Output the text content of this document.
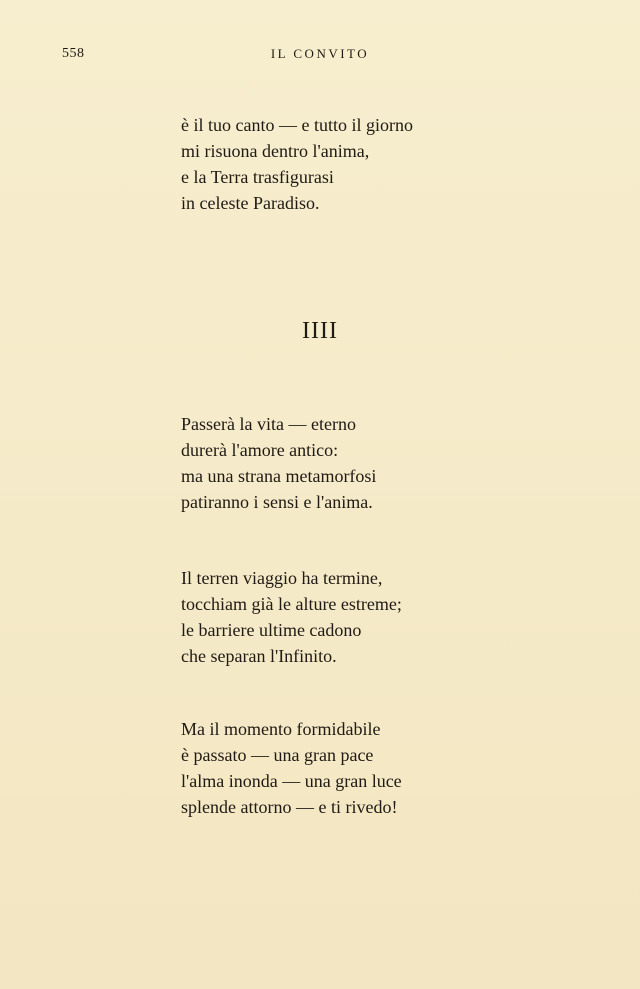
558	IL CONVITO
è il tuo canto — e tutto il giorno
mi risuona dentro l'anima,
e la Terra trasfigurasi
in celeste Paradiso.
IIII
Passerà la vita — eterno
durerà l'amore antico:
ma una strana metamorfosi
patiranno i sensi e l'anima.
Il terren viaggio ha termine,
tocchiam già le alture estreme;
le barriere ultime cadono
che separan l'Infinito.
Ma il momento formidabile
è passato — una gran pace
l'alma inonda — una gran luce
splende attorno — e ti rivedo!
